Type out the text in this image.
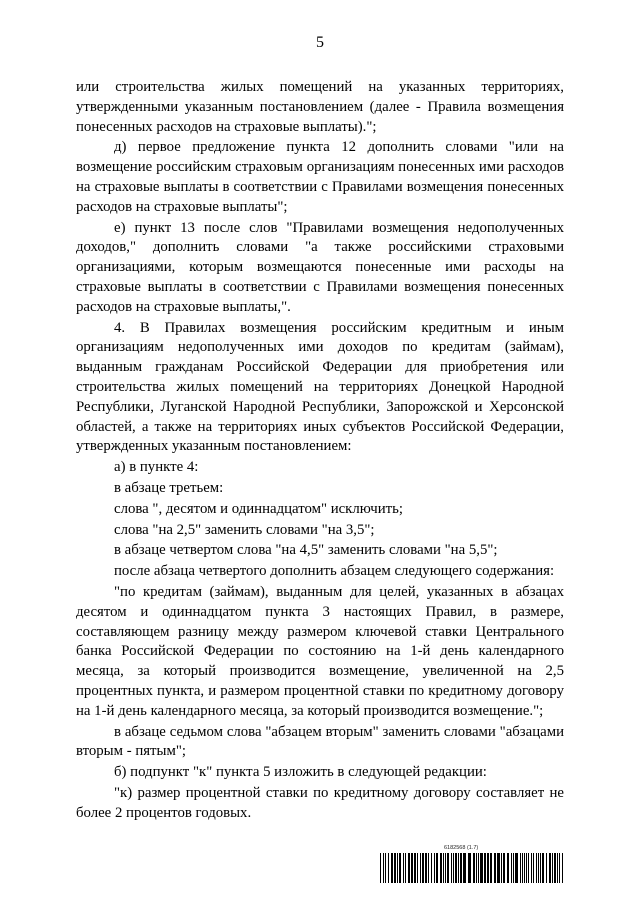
5

или строительства жилых помещений на указанных территориях, утвержденными указанным постановлением (далее - Правила возмещения понесенных расходов на страховые выплаты).";

д) первое предложение пункта 12 дополнить словами "или на возмещение российским страховым организациям понесенных ими расходов на страховые выплаты в соответствии с Правилами возмещения понесенных расходов на страховые выплаты";

е) пункт 13 после слов "Правилами возмещения недополученных доходов," дополнить словами "а также российскими страховыми организациями, которым возмещаются понесенные ими расходы на страховые выплаты в соответствии с Правилами возмещения понесенных расходов на страховые выплаты,".

4. В Правилах возмещения российским кредитным и иным организациям недополученных ими доходов по кредитам (займам), выданным гражданам Российской Федерации для приобретения или строительства жилых помещений на территориях Донецкой Народной Республики, Луганской Народной Республики, Запорожской и Херсонской областей, а также на территориях иных субъектов Российской Федерации, утвержденных указанным постановлением:

а) в пункте 4:

в абзаце третьем:

слова ", десятом и одиннадцатом" исключить;

слова "на 2,5" заменить словами "на 3,5";

в абзаце четвертом слова "на 4,5" заменить словами "на 5,5";

после абзаца четвертого дополнить абзацем следующего содержания:

"по кредитам (займам), выданным для целей, указанных в абзацах десятом и одиннадцатом пункта 3 настоящих Правил, в размере, составляющем разницу между размером ключевой ставки Центрального банка Российской Федерации по состоянию на 1-й день календарного месяца, за который производится возмещение, увеличенной на 2,5 процентных пункта, и размером процентной ставки по кредитному договору на 1-й день календарного месяца, за который производится возмещение.";

в абзаце седьмом слова "абзацем вторым" заменить словами "абзацами вторым - пятым";

б) подпункт "к" пункта 5 изложить в следующей редакции:

"к) размер процентной ставки по кредитному договору составляет не более 2 процентов годовых.

6182568 (1.7)
